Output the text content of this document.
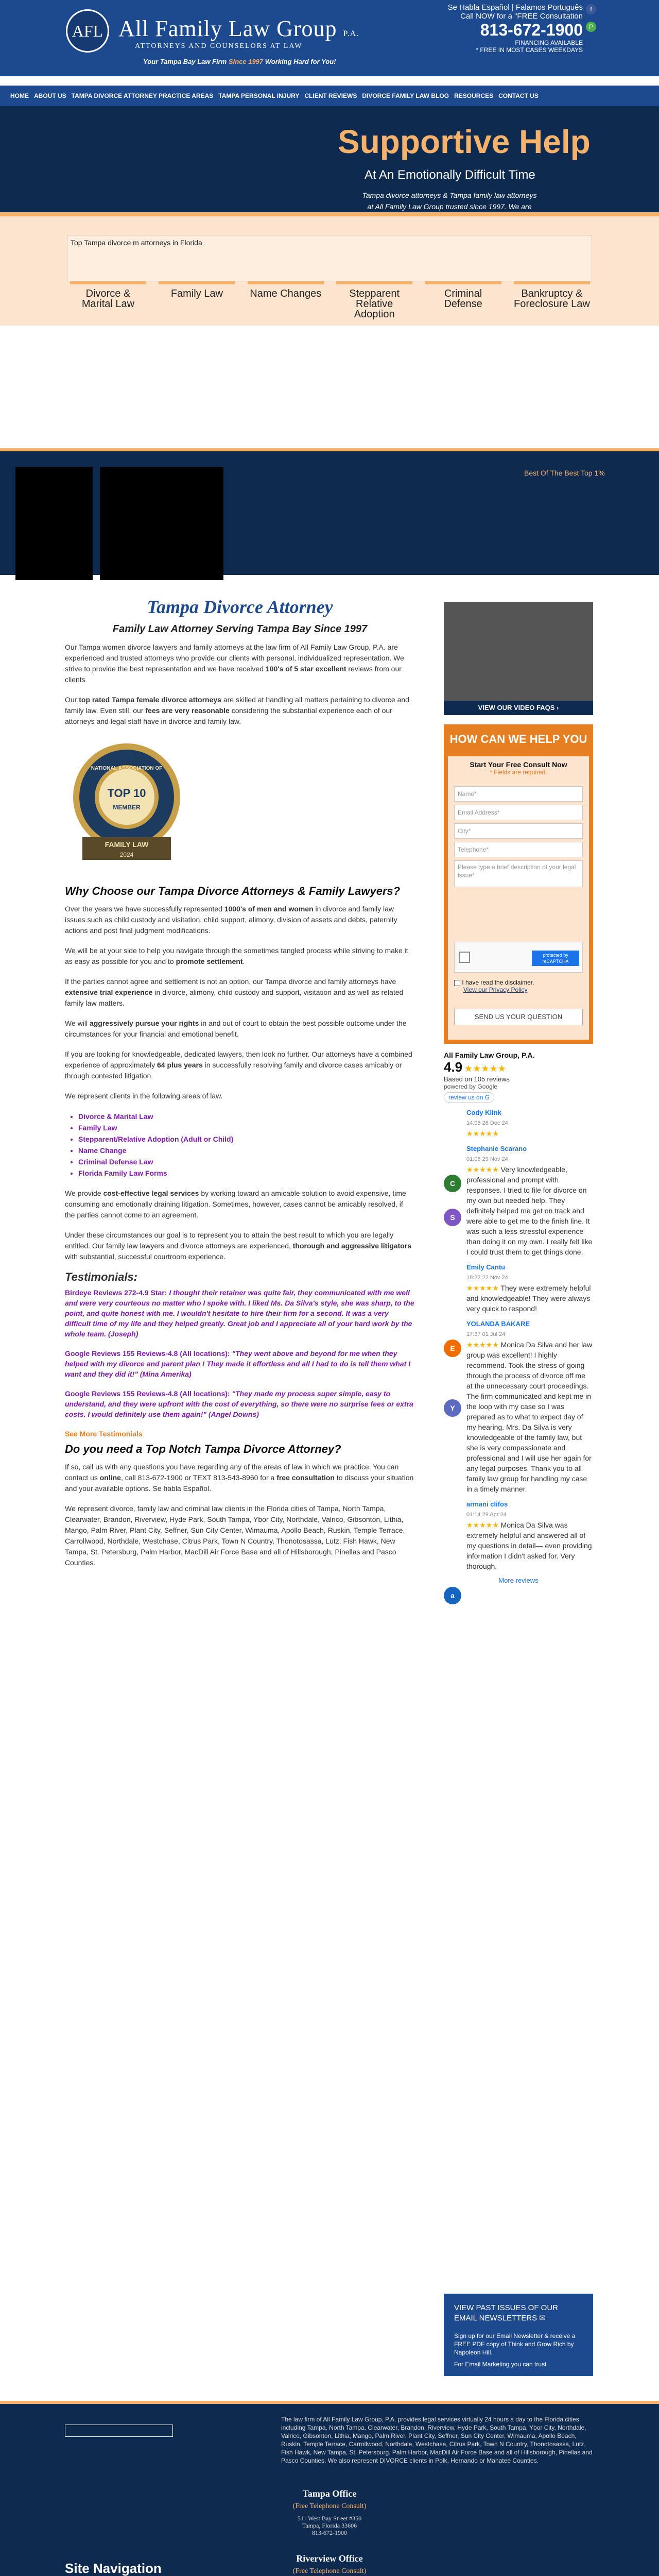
AFL All Family Law Group P.A.
ATTORNEYS AND COUNSELORS AT LAW
Your Tampa Bay Law Firm Since 1997 Working Hard for You!
Se Habla Español | Falamos Português
Call NOW for a "FREE Consultation
813-672-1900
FINANCING AVAILABLE
* FREE IN MOST CASES WEEKDAYS
f
P
HOME ABOUT US TAMPA DIVORCE ATTORNEY PRACTICE AREAS TAMPA PERSONAL INJURY CLIENT REVIEWS DIVORCE FAMILY LAW BLOG RESOURCES CONTACT US
Supportive Help
At An Emotionally Difficult Time
Tampa divorce attorneys & Tampa family law attorneys at All Family Law Group trusted since 1997. We are
Top Tampa divorce m attorneys in Florida
Divorce & Marital Law
Family Law	Name Changes	Stepparent Relative Adoption
Criminal Defense
Bankruptcy & Foreclosure Law
Best Of The Best Top 1%
Tampa Divorce Attorney
Family Law Attorney Serving Tampa Bay Since 1997

Our Tampa women divorce lawyers and family attorneys at the law firm of All Family Law Group, P.A. are experienced and trusted attorneys who provide our clients with personal, individualized representation. We strive to provide the best representation and we have received 100's of 5 star excellent reviews from our clients

Our top rated Tampa female divorce attorneys are skilled at handling all matters pertaining to divorce and family law. Even still, our fees are very reasonable considering the substantial experience each of our attorneys and legal staff have in divorce and family law.

NATIONAL ASSOCIATION OF
ATTORNEY
TOP 10
MEMBER
FAMILY LAW
2024
Why Choose our Tampa Divorce Attorneys & Family Lawyers?

Over the years we have successfully represented 1000's of men and women in divorce and family law issues such as child custody and visitation, child support, alimony, division of assets and debts, paternity actions and post final judgment modifications.

We will be at your side to help you navigate through the sometimes tangled process while striving to make it as easy as possible for you and to promote settlement.

If the parties cannot agree and settlement is not an option, our Tampa divorce and family attorneys have extensive trial experience in divorce, alimony, child custody and support, visitation and as well as related family law matters.

We will aggressively pursue your rights in and out of court to obtain the best possible outcome under the circumstances for your financial and emotional benefit.

If you are looking for knowledgeable, dedicated lawyers, then look no further. Our attorneys have a combined experience of approximately 64 plus years in successfully resolving family and divorce cases amicably or through contested litigation.

We represent clients in the following areas of law.

• Divorce & Marital Law
• Family Law
• Stepparent/Relative Adoption (Adult or Child)
• Name Change
• Criminal Defense Law
• Florida Family Law Forms

We provide cost-effective legal services by working toward an amicable solution to avoid expensive, time consuming and emotionally draining litigation. Sometimes, however, cases cannot be amicably resolved, if the parties cannot come to an agreement.

Under these circumstances our goal is to represent you to attain the best result to which you are legally entitled. Our family law lawyers and divorce attorneys are experienced, thorough and aggressive litigators with substantial, successful courtroom experience.

Testimonials:

Birdeye Reviews 272-4.9 Star: I thought their retainer was quite fair, they communicated with me well and were very courteous no matter who I spoke with. I liked Ms. Da Silva's style, she was sharp, to the point, and quite honest with me. I wouldn't hesitate to hire their firm for a second. It was a very difficult time of my life and they helped greatly. Great job and I appreciate all of your hard work by the whole team. (Joseph)

Google Reviews 155 Reviews-4.8 (All locations): "They went above and beyond for me when they helped with my divorce and parent plan ! They made it effortless and all I had to do is tell them what I want and they did it!" (Mina Amerika)

Google Reviews 155 Reviews-4.8 (All locations): "They made my process super simple, easy to understand, and they were upfront with the cost of everything, so there were no surprise fees or extra costs. I would definitely use them again!" (Angel Downs)

See More Testimonials
Do you need a Top Notch Tampa Divorce Attorney?

If so, call us with any questions you have regarding any of the areas of law in which we practice. You can contact us online, call 813-672-1900 or TEXT 813-543-8960 for a free consultation to discuss your situation and your available options. Se habla Español.

We represent divorce, family law and criminal law clients in the Florida cities of Tampa, North Tampa, Clearwater, Brandon, Riverview, Hyde Park, South Tampa, Ybor City, Northdale, Valrico, Gibsonton, Lithia, Mango, Palm River, Plant City, Seffner, Sun City Center, Wimauma, Apollo Beach, Ruskin, Temple Terrace, Carrollwood, Northdale, Westchase, Citrus Park, Town N Country, Thonotosassa, Lutz, Fish Hawk, New Tampa, St. Petersburg, Palm Harbor, MacDill Air Force Base and all of Hillsborough, Pinellas and Pasco Counties.

VIEW OUR VIDEO FAQS ›
HOW CAN WE HELP YOU
Start Your Free Consult Now
* Fields are required.
Name*
Email Address*
City*
Telephone*
Please type a brief description of your legal issue*
protected by reCAPTCHA
I have read the disclaimer.
View our Privacy Policy
SEND US YOUR QUESTION
All Family Law Group, P.A.
4.9 ★★★★★
Based on 105 reviews
powered by Google
review us on G
Cody Klink
14:06 26 Dec 24
★★★★★
Stephanie Scarano
01:06 29 Nov 24
★★★★★ Very knowledgeable, professional and prompt with responses. I tried to file for divorce on my own but needed help. They definitely helped me get on track and were able to get me to the finish line. It was such a less stressful experience than doing it on my own. I really felt like I could trust them to get things done.
Emily Cantu
18:22 22 Nov 24
★★★★★ They were extremely helpful and knowledgeable! They were always very quick to respond!
YOLANDA BAKARE
17:37 01 Jul 24
★★★★★ Monica Da Silva and her law group was excellent! I highly recommend. Took the stress of going through the process of divorce off me at the unnecessary court proceedings. The firm communicated and kept me in the loop with my case so I was prepared as to what to expect day of my hearing. Mrs. Da Silva is very knowledgeable of the family law, but she is very compassionate and professional and I will use her again for any legal purposes. Thank you to all family law group for handling my case in a timely manner.
armani clifos
01:14 29 Apr 24
★★★★★ Monica Da Silva was extremely helpful and answered all of my questions in detail— even providing information I didn't asked for. Very thorough.
More reviews
C
S
E
Y
a
VIEW PAST ISSUES OF OUR EMAIL NEWSLETTERS ✉
Sign up for our Email Newsletter & receive a FREE PDF copy of Think and Grow Rich by Napoleon Hill.
For Email Marketing you can trust
The law firm of All Family Law Group, P.A. provides legal services virtually 24 hours a day to the Florida cities including Tampa, North Tampa, Clearwater, Brandon, Riverview, Hyde Park, South Tampa, Ybor City, Northdale, Valrico, Gibsonton, Lithia, Mango, Palm River, Plant City, Seffner, Sun City Center, Wimauma, Apollo Beach, Ruskin, Temple Terrace, Carrollwood, Northdale, Westchase, Citrus Park, Town N Country, Thonotosassa, Lutz, Fish Hawk, New Tampa, St. Petersburg, Palm Harbor, MacDill Air Force Base and all of Hillsborough, Pinellas and Pasco Counties. We also represent DIVORCE clients in Polk, Hernando or Manatee Counties.
Tampa Office
(Free Telephone Consult)
511 West Bay Street #350
Tampa, Florida 33606
813-672-1900
Riverview Office
(Free Telephone Consult)
Site Navigation
